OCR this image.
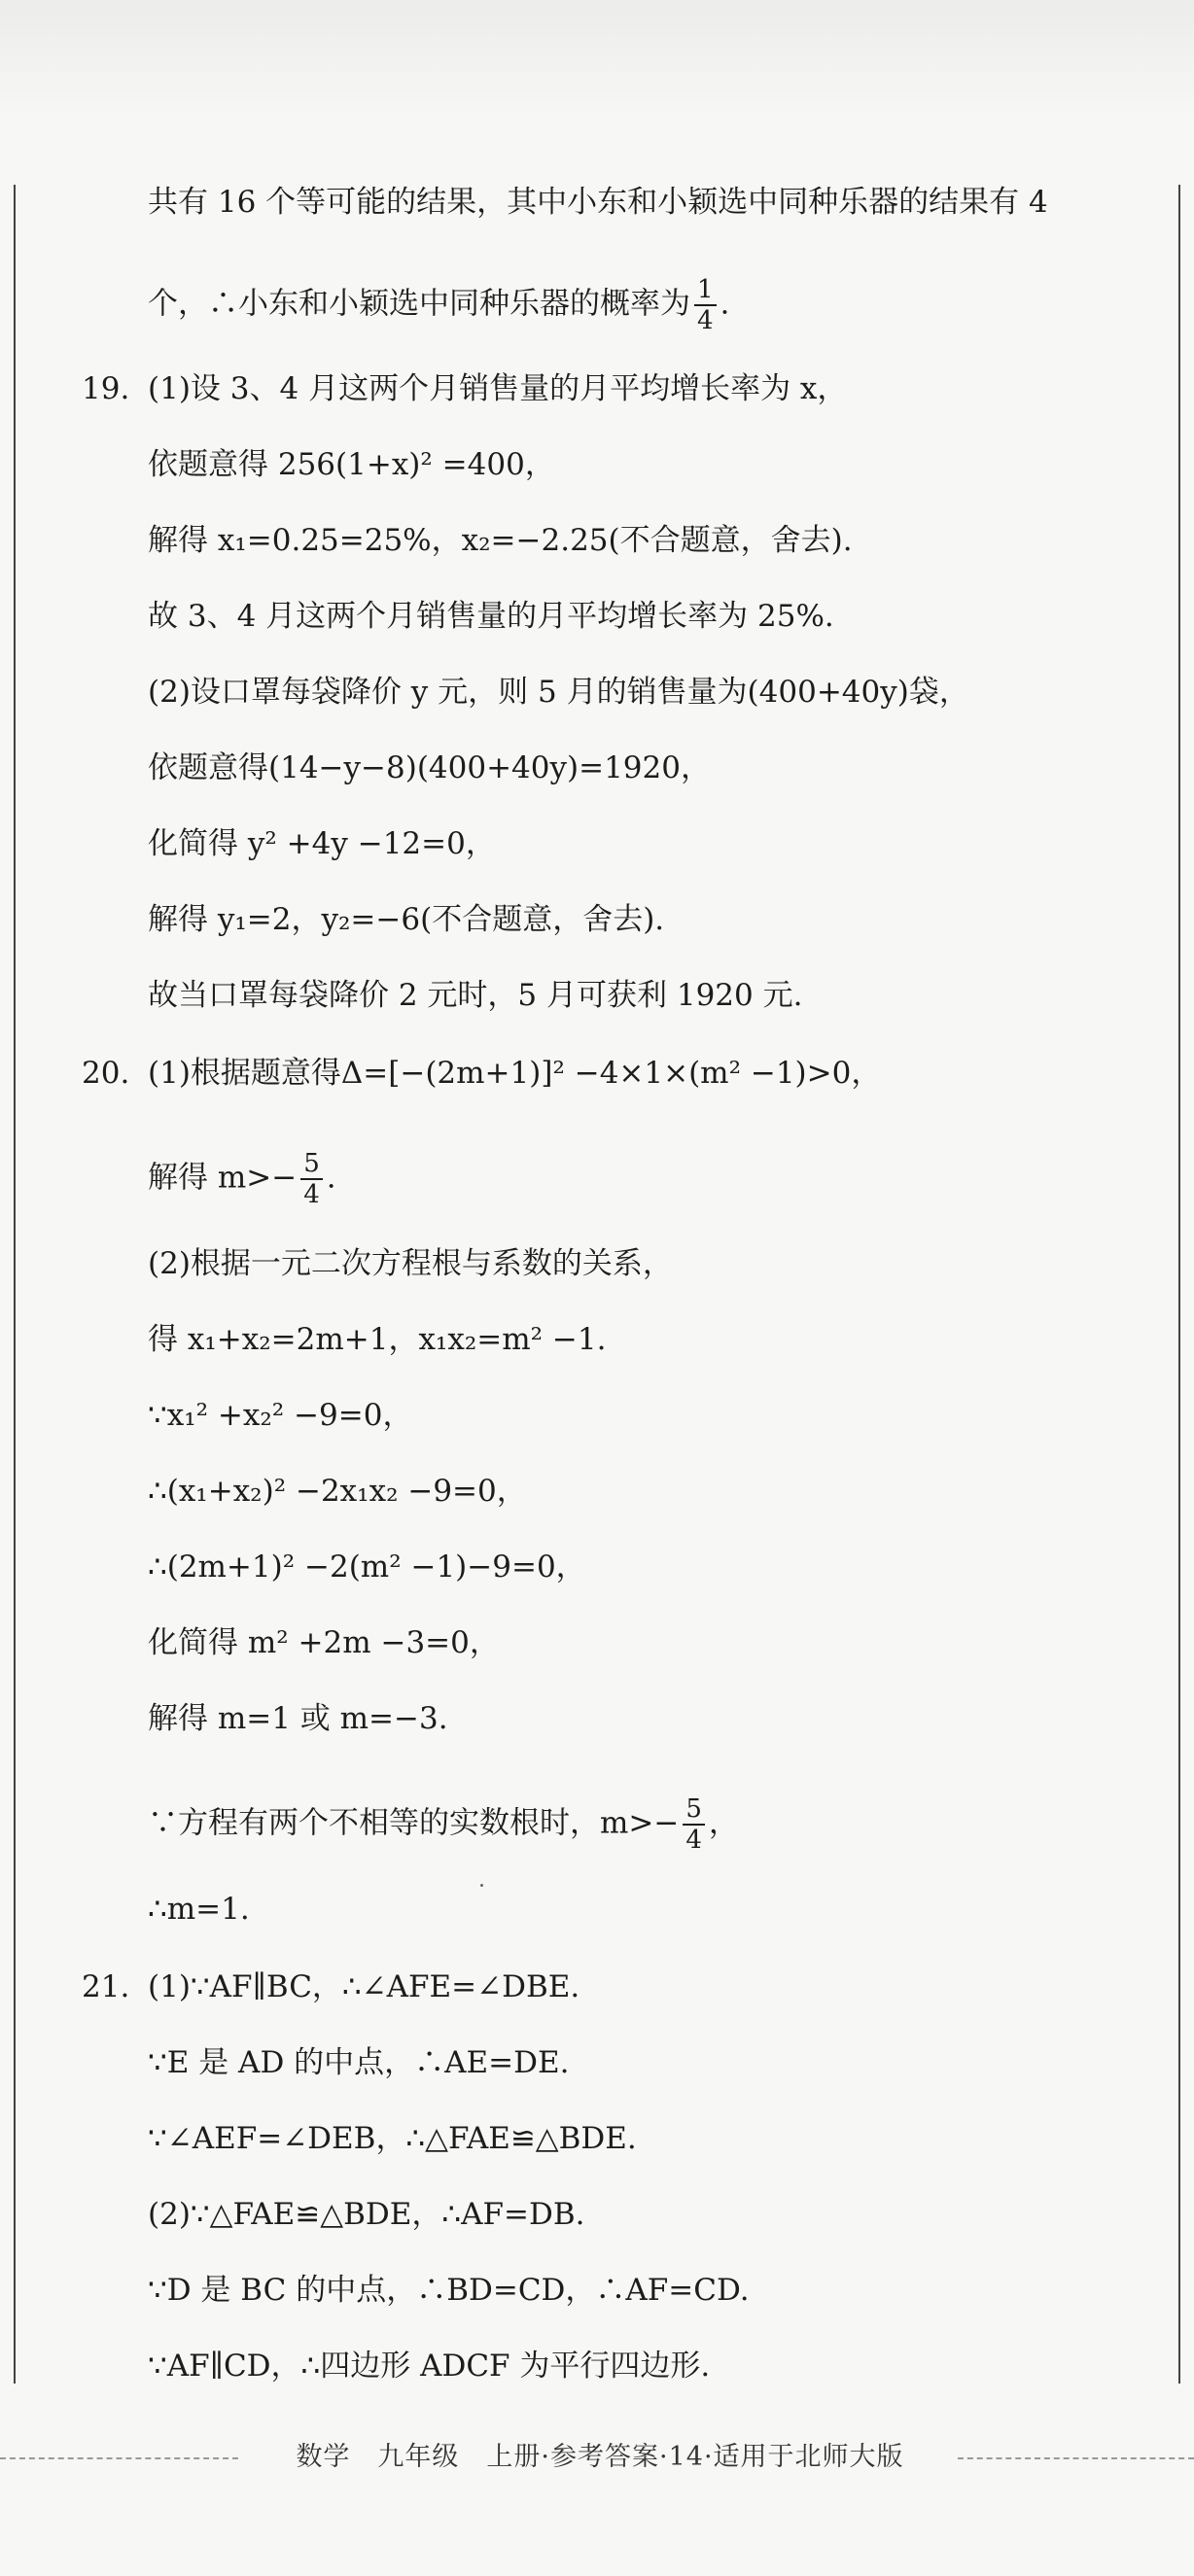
共有 16 个等可能的结果，其中小东和小颖选中同种乐器的结果有 4
个，∴小东和小颖选中同种乐器的概率为 $\frac{1}{4}$ .
19. (1)设 3、4 月这两个月销售量的月平均增长率为 x，
依题意得 256(1+x)² =400，
解得 x₁=0.25=25%，x₂=−2.25(不合题意，舍去).
故 3、4 月这两个月销售量的月平均增长率为 25%.
(2)设口罩每袋降价 y 元，则 5 月的销售量为(400+40y)袋，
依题意得(14−y−8)(400+40y)=1920，
化简得 y² +4y −12=0，
解得 y₁=2，y₂=−6(不合题意，舍去).
故当口罩每袋降价 2 元时，5 月可获利 1920 元.
20. (1)根据题意得Δ=[−(2m+1)]² −4×1×(m² −1)>0，
解得 $m>- \frac{5}{4}$ .
(2)根据一元二次方程根与系数的关系，
得 x₁+x₂=2m+1，x₁x₂=m² −1.
∵x₁² +x₂² −9=0，
∴(x₁+x₂)² −2x₁x₂ −9=0，
∴(2m+1)² −2(m² −1)−9=0，
化简得 m² +2m −3=0，
解得 m=1 或 m=−3.
∵方程有两个不相等的实数根时，$m>- \frac{5}{4}$ ，
∴m=1.
21. (1)∵AF∥BC，∴∠AFE=∠DBE.
∵E 是 AD 的中点，∴AE=DE.
∵∠AEF=∠DEB，∴△FAE≌△BDE.
(2)∵△FAE≌△BDE，∴AF=DB.
∵D 是 BC 的中点，∴BD=CD，∴AF=CD.
∵AF∥CD，∴四边形 ADCF 为平行四边形.
数学　九年级　上册·参考答案·14·适用于北师大版
